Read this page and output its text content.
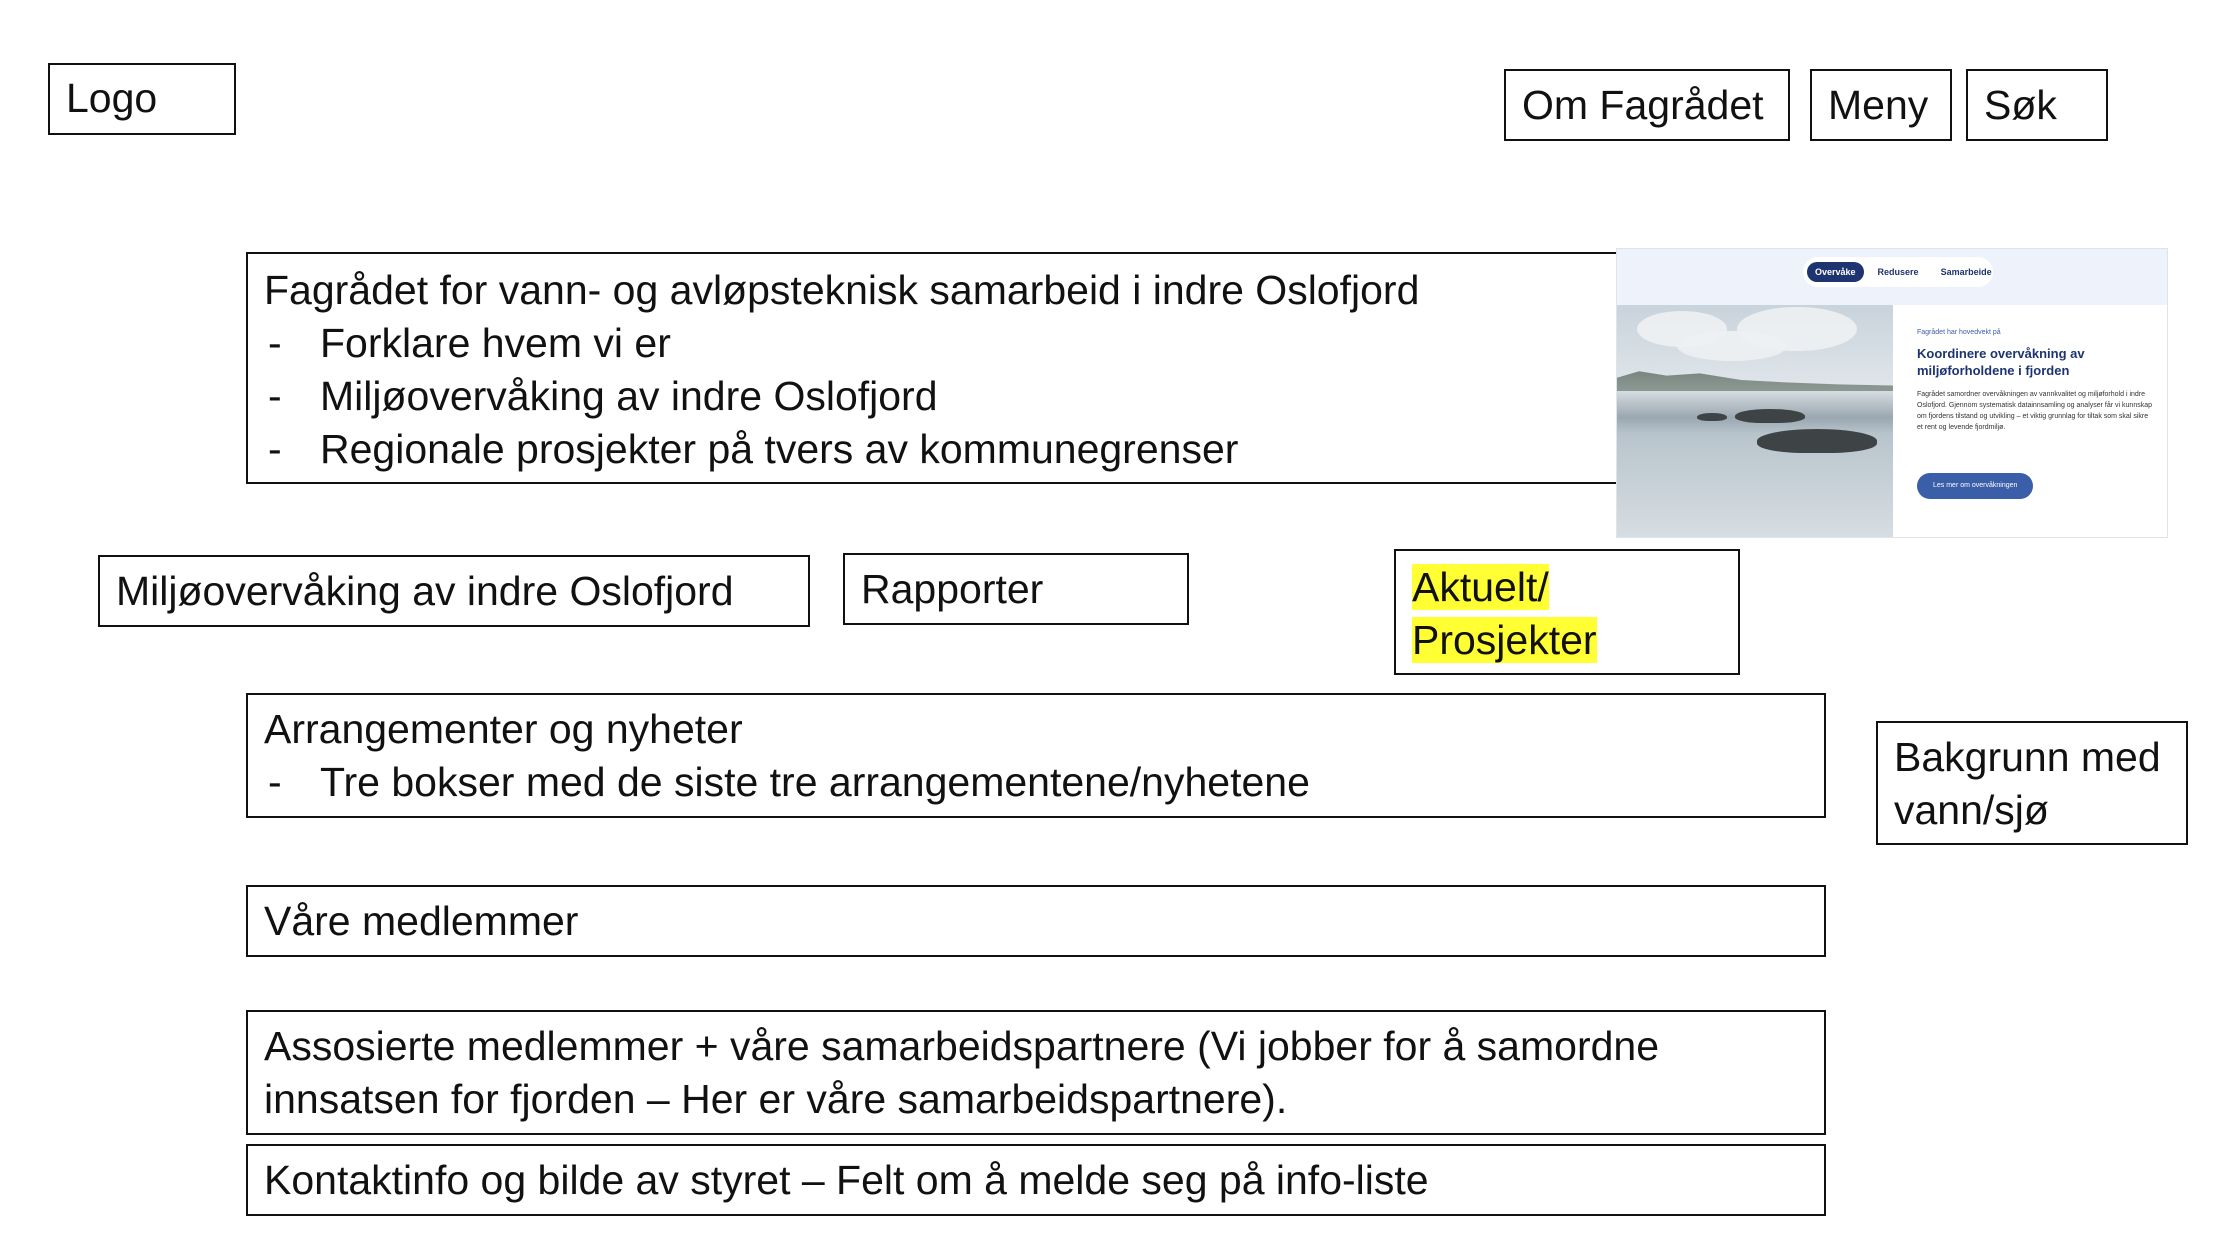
Logo	Om Fagrådet	Meny	Søk
Fagrådet for vann- og avløpsteknisk samarbeid i indre Oslofjord
- Forklare hvem vi er
- Miljøovervåking av indre Oslofjord
- Regionale prosjekter på tvers av kommunegrenser
Overvåke	Redusere	Samarbeide
Fagrådet har hovedvekt på
Koordinere overvåkning av miljøforholdene i fjorden
Fagrådet samordner overvåkningen av vannkvalitet og miljøforhold i indre Oslofjord. Gjennom systematisk datainnsamling og analyser får vi kunnskap om fjordens tilstand og utvikling – et viktig grunnlag for tiltak som skal sikre et rent og levende fjordmiljø.
Les mer om overvåkningen
Miljøovervåking av indre Oslofjord	Rapporter	Aktuelt/
Prosjekter
Arrangementer og nyheter
- Tre bokser med de siste tre arrangementene/nyhetene
Bakgrunn med
vann/sjø
Våre medlemmer
Assosierte medlemmer + våre samarbeidspartnere (Vi jobber for å samordne
innsatsen for fjorden – Her er våre samarbeidspartnere).
Kontaktinfo og bilde av styret – Felt om å melde seg på info-liste
